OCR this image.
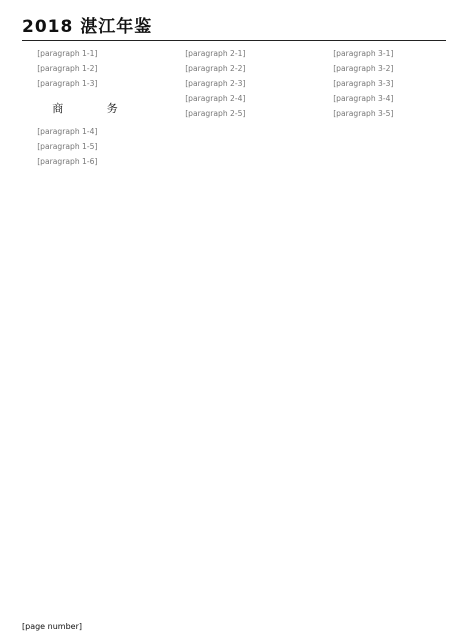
2018 湛江年鉴

[paragraph 1-1]

[paragraph 1-2]

[paragraph 1-3]

商 务

[paragraph 1-4]

[paragraph 1-5]

[paragraph 1-6]

[paragraph 2-1]

[paragraph 2-2]

[paragraph 2-3]

[paragraph 2-4]

[paragraph 2-5]

[paragraph 3-1]

[paragraph 3-2]

[paragraph 3-3]

[paragraph 3-4]

[paragraph 3-5]

[page number]
